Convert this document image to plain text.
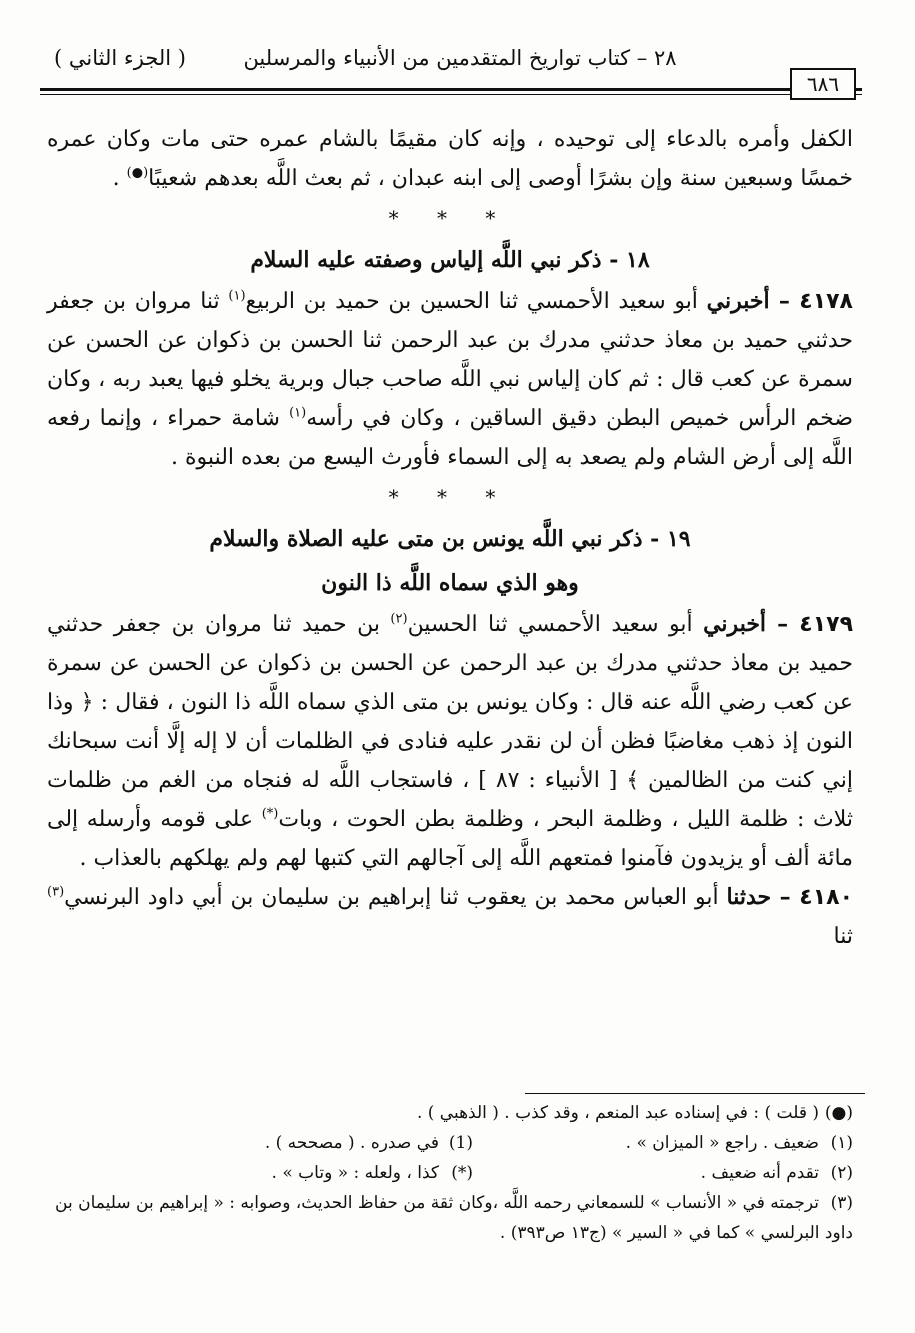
٢٨ – كتاب تواريخ المتقدمين من الأنبياء والمرسلين
( الجزء الثاني )
٦٨٦

الكفل وأمره بالدعاء إلى توحيده ، وإنه كان مقيمًا بالشام عمره حتى مات وكان عمره خمسًا وسبعين سنة وإن بشرًا أوصى إلى ابنه عبدان ، ثم بعث اللَّه بعدهم شعيبًا(●) .

* * *
١٨ - ذكر نبي اللَّه إلياس وصفته عليه السلام

٤١٧٨ – أخبرني أبو سعيد الأحمسي ثنا الحسين بن حميد بن الربيع$^{(١)}$ ثنا مروان بن جعفر حدثني حميد بن معاذ حدثني مدرك بن عبد الرحمن ثنا الحسن بن ذكوان عن الحسن عن سمرة عن كعب قال : ثم كان إلياس نبي اللَّه صاحب جبال وبرية يخلو فيها يعبد ربه ، وكان ضخم الرأس خميص البطن دقيق الساقين ، وكان في رأسه$^{(١)}$ شامة حمراء ، وإنما رفعه اللَّه إلى أرض الشام ولم يصعد به إلى السماء فأورث اليسع من بعده النبوة .

* * *
١٩ - ذكر نبي اللَّه يونس بن متى عليه الصلاة والسلام
وهو الذي سماه اللَّه ذا النون

٤١٧٩ – أخبرني أبو سعيد الأحمسي ثنا الحسين$^{(٢)}$ بن حميد ثنا مروان بن جعفر حدثني حميد بن معاذ حدثني مدرك بن عبد الرحمن عن الحسن بن ذكوان عن الحسن عن سمرة عن كعب رضي اللَّه عنه قال : وكان يونس بن متى الذي سماه اللَّه ذا النون ، فقال : ﴿ وذا النون إذ ذهب مغاضبًا فظن أن لن نقدر عليه فنادى في الظلمات أن لا إله إلَّا أنت سبحانك إني كنت من الظالمين ﴾ [ الأنبياء : ٨٧ ] ، فاستجاب اللَّه له فنجاه من الغم من ظلمات ثلاث : ظلمة الليل ، وظلمة البحر ، وظلمة بطن الحوت ، وبات(*) على قومه وأرسله إلى مائة ألف أو يزيدون فآمنوا فمتعهم اللَّه إلى آجالهم التي كتبها لهم ولم يهلكهم بالعذاب .

٤١٨٠ – حدثنا أبو العباس محمد بن يعقوب ثنا إبراهيم بن سليمان بن أبي داود البرنسي$^{(٣)}$ ثنا

(●)( قلت ) : في إسناده عبد المنعم ، وقد كذب . ( الذهبي ) .

(١)ضعيف . راجع « الميزان » .
(1)في صدره . ( مصححه ) .
(٢)تقدم أنه ضعيف .
(*)كذا ، ولعله : « وتاب » .

(٣)ترجمته في « الأنساب » للسمعاني رحمه اللَّه ،وكان ثقة من حفاظ الحديث، وصوابه : « إبراهيم بن سليمان بن داود البرلسي » كما في « السير » (ج١٣ ص٣٩٣) .
